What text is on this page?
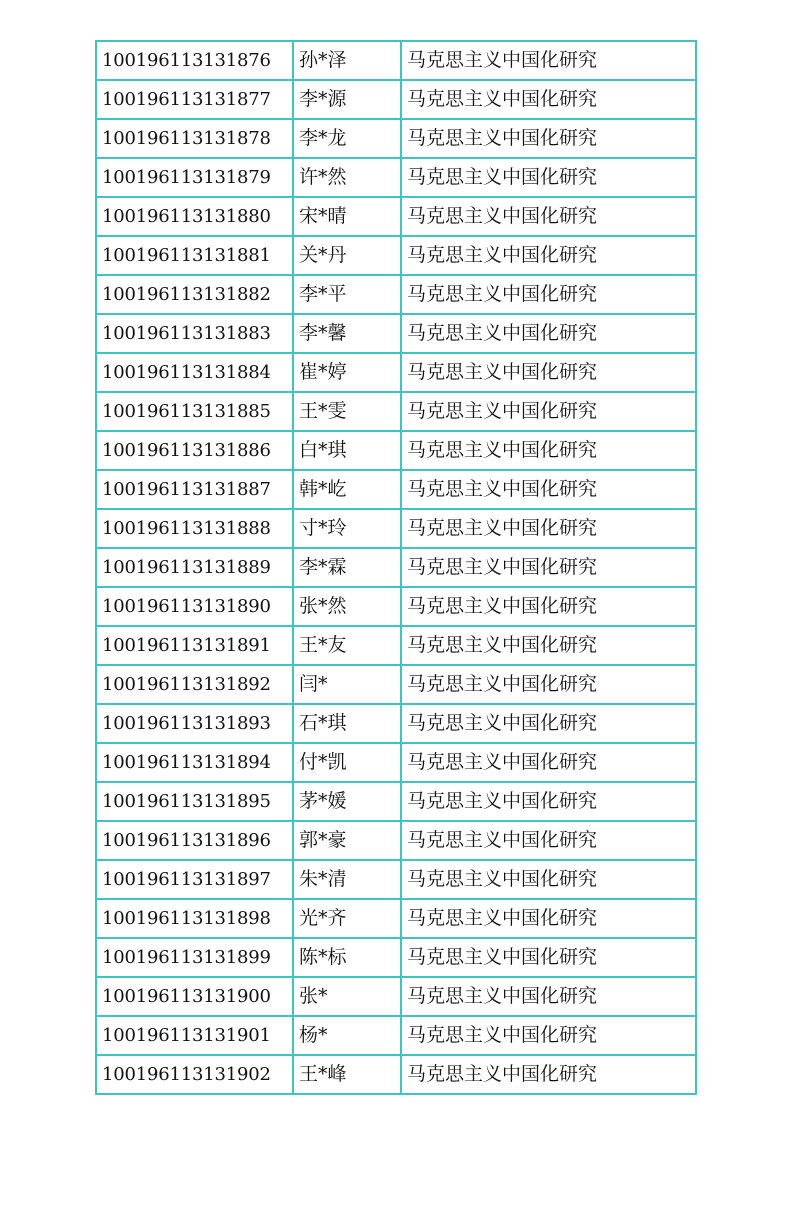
100196113131876	孙*泽	马克思主义中国化研究
100196113131877	李*源	马克思主义中国化研究
100196113131878	李*龙	马克思主义中国化研究
100196113131879	许*然	马克思主义中国化研究
100196113131880	宋*晴	马克思主义中国化研究
100196113131881	关*丹	马克思主义中国化研究
100196113131882	李*平	马克思主义中国化研究
100196113131883	李*馨	马克思主义中国化研究
100196113131884	崔*婷	马克思主义中国化研究
100196113131885	王*雯	马克思主义中国化研究
100196113131886	白*琪	马克思主义中国化研究
100196113131887	韩*屹	马克思主义中国化研究
100196113131888	寸*玲	马克思主义中国化研究
100196113131889	李*霖	马克思主义中国化研究
100196113131890	张*然	马克思主义中国化研究
100196113131891	王*友	马克思主义中国化研究
100196113131892	闫*	马克思主义中国化研究
100196113131893	石*琪	马克思主义中国化研究
100196113131894	付*凯	马克思主义中国化研究
100196113131895	茅*媛	马克思主义中国化研究
100196113131896	郭*豪	马克思主义中国化研究
100196113131897	朱*清	马克思主义中国化研究
100196113131898	光*齐	马克思主义中国化研究
100196113131899	陈*标	马克思主义中国化研究
100196113131900	张*	马克思主义中国化研究
100196113131901	杨*	马克思主义中国化研究
100196113131902	王*峰	马克思主义中国化研究
